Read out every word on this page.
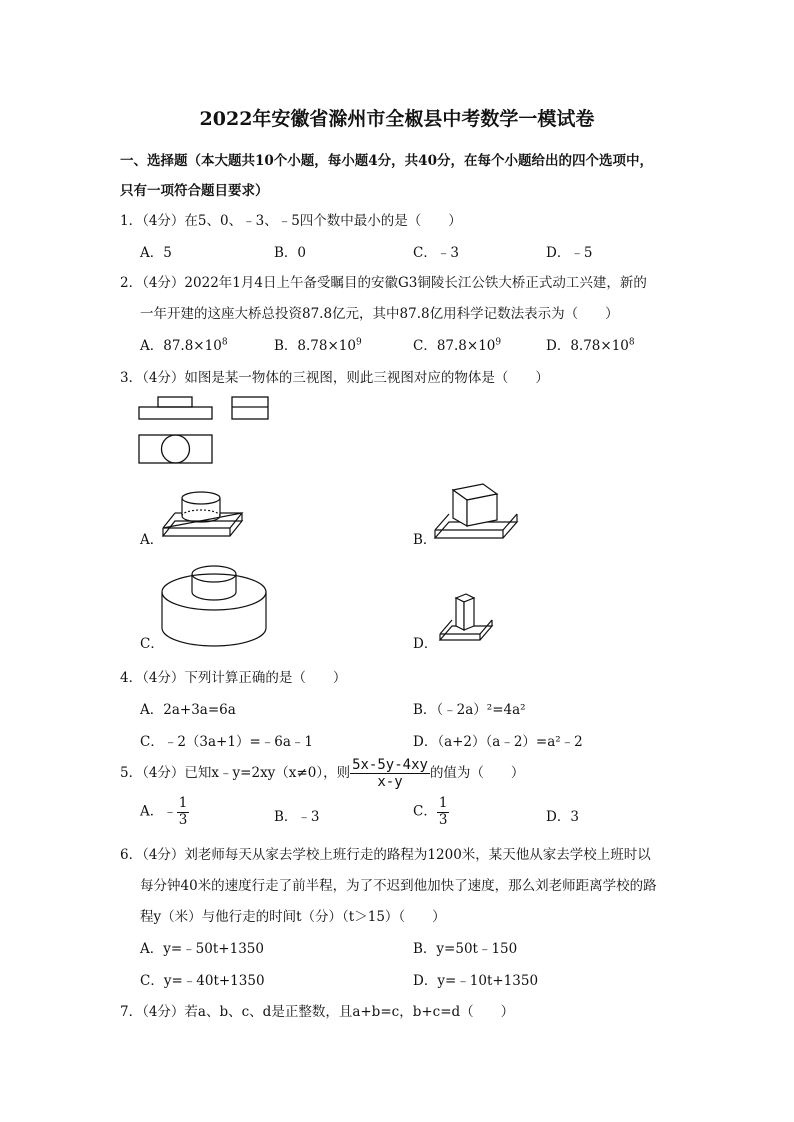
2022年安徽省滁州市全椒县中考数学一模试卷
一、选择题（本大题共10个小题，每小题4分，共40分，在每个小题给出的四个选项中，
只有一项符合题目要求）
1．（4分）在5、0、﹣3、﹣5四个数中最小的是（　　）
A．5	B．0	C．﹣3	D．﹣5
2．（4分）2022年1月4日上午备受瞩目的安徽G3铜陵长江公铁大桥正式动工兴建，新的
一年开建的这座大桥总投资87.8亿元，其中87.8亿用科学记数法表示为（　　）
A．$87.8\times 10^8$	B．$8.78\times 10^9$	C．$87.8\times 10^9$	D．$8.78\times 10^8$
3．（4分）如图是某一物体的三视图，则此三视图对应的物体是（　　）
A．	B．
C．	D．
4．（4分）下列计算正确的是（　　）
A．2a+3a=6a	B．（﹣2a）²=4a²
C．﹣2（3a+1）=﹣6a﹣1	D．（a+2）（a﹣2）=a²﹣2
5．（4分）已知x﹣y=2xy（x≠0），则 $\frac{5x-5y-4xy}{x-y}$ 的值为（　　）
A．﹣ $\frac{1}{3}$	B．﹣3	C． $\frac{1}{3}$	D．3
6．（4分）刘老师每天从家去学校上班行走的路程为1200米，某天他从家去学校上班时以
每分钟40米的速度行走了前半程，为了不迟到他加快了速度，那么刘老师距离学校的路
程y（米）与他行走的时间t（分）（t＞15）（　　）
A．y=﹣50t+1350	B．y=50t﹣150
C．y=﹣40t+1350	D．y=﹣10t+1350
7．（4分）若a、b、c、d是正整数，且a+b=c，b+c=d（　　）
